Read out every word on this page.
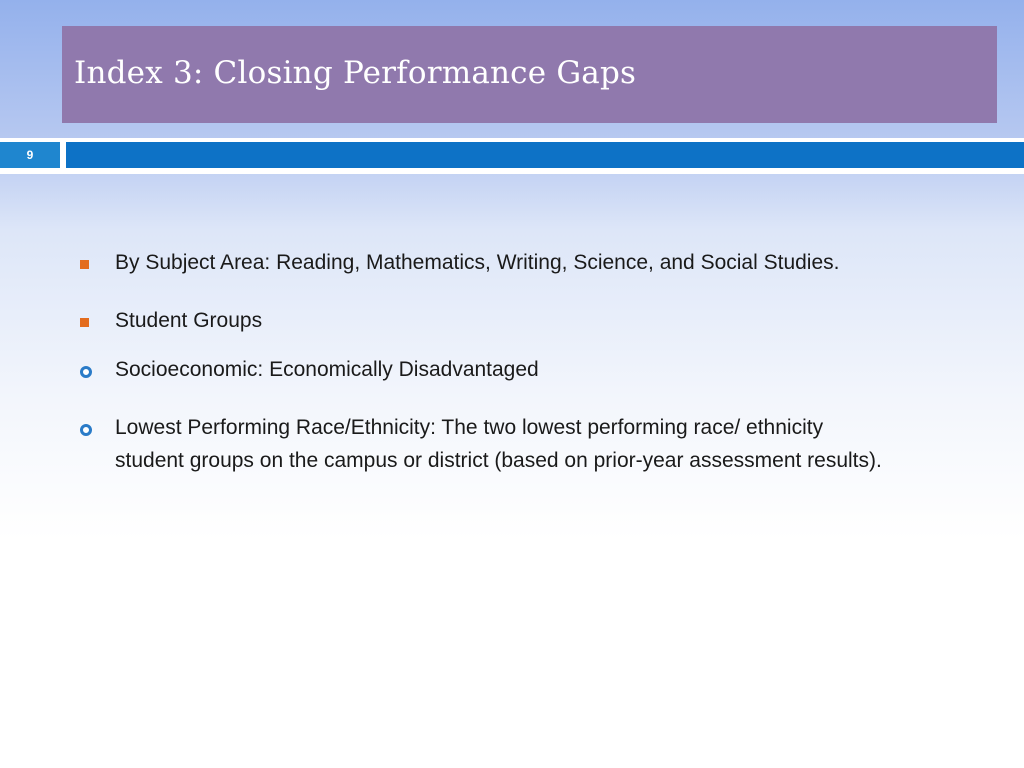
Index 3: Closing Performance Gaps
9
By Subject Area: Reading, Mathematics, Writing, Science, and Social Studies.
Student Groups
Socioeconomic: Economically Disadvantaged
Lowest Performing Race/Ethnicity: The two lowest performing race/ ethnicity student groups on the campus or district (based on prior-year assessment results).
